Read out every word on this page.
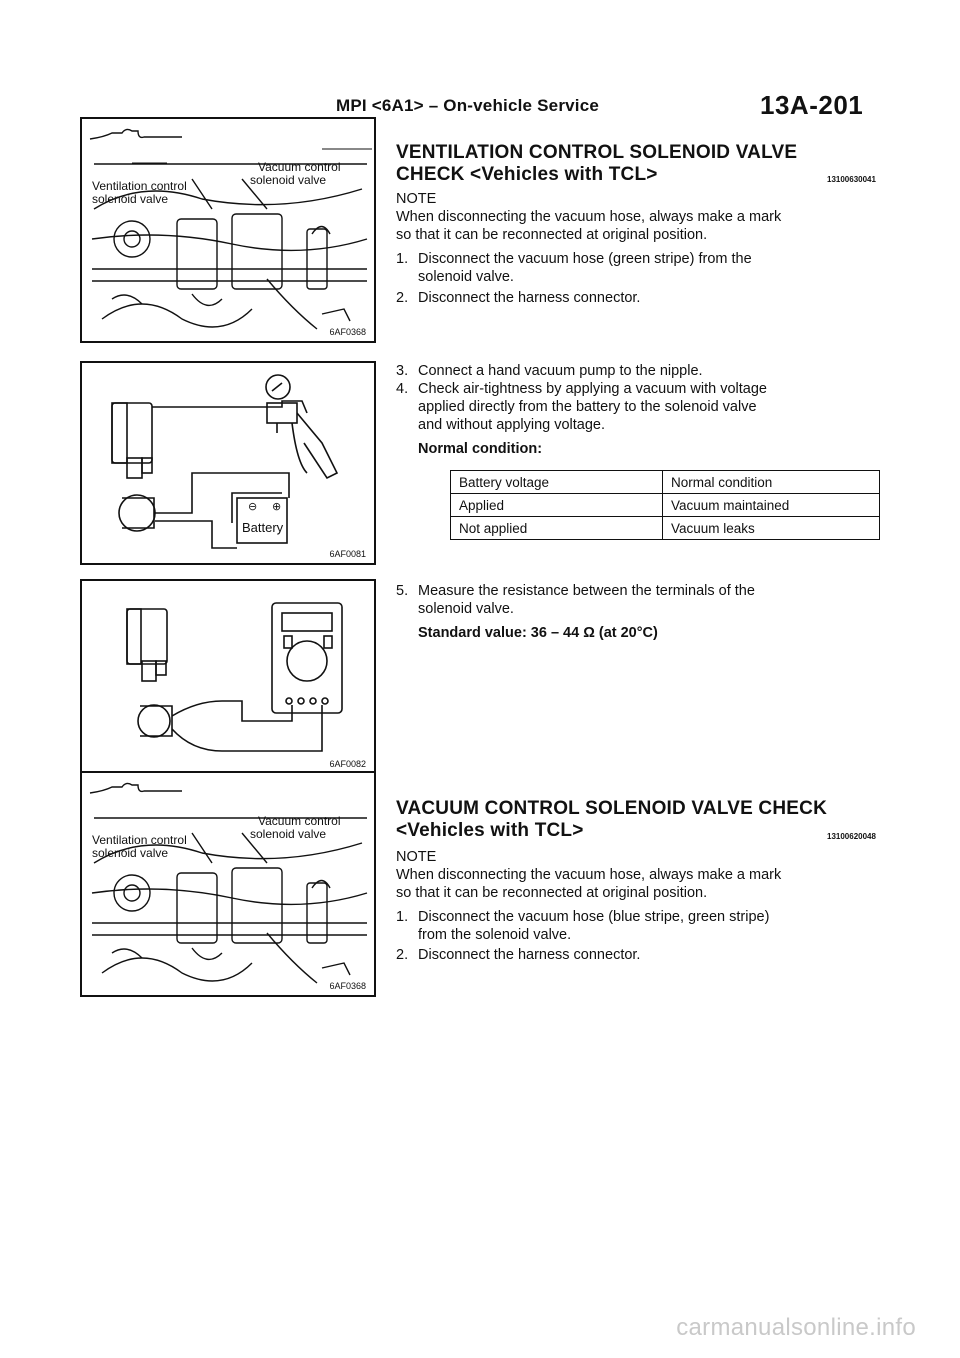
MPI <6A1> – On-vehicle Service	13A-201
Vacuum control
solenoid valve
Ventilation control
solenoid valve
6AF0368
⊖ ⊕
Battery
6AF0081
6AF0082
Vacuum control
solenoid valve
Ventilation control
solenoid valve
6AF0368
VENTILATION CONTROL SOLENOID VALVE
CHECK <Vehicles with TCL>	13100630041
NOTE
When disconnecting the vacuum hose, always make a mark
so that it can be reconnected at original position.
1. Disconnect the vacuum hose (green stripe) from the
solenoid valve.
2. Disconnect the harness connector.
3. Connect a hand vacuum pump to the nipple.
4. Check air-tightness by applying a vacuum with voltage
applied directly from the battery to the solenoid valve
and without applying voltage.
Normal condition:
Battery voltage	Normal condition
Applied	Vacuum maintained
Not applied	Vacuum leaks
5. Measure the resistance between the terminals of the
solenoid valve.
Standard value: 36 – 44 Ω (at 20°C)
VACUUM CONTROL SOLENOID VALVE CHECK
<Vehicles with TCL>	13100620048
NOTE
When disconnecting the vacuum hose, always make a mark
so that it can be reconnected at original position.
1. Disconnect the vacuum hose (blue stripe, green stripe)
from the solenoid valve.
2. Disconnect the harness connector.
carmanualsonline.info
